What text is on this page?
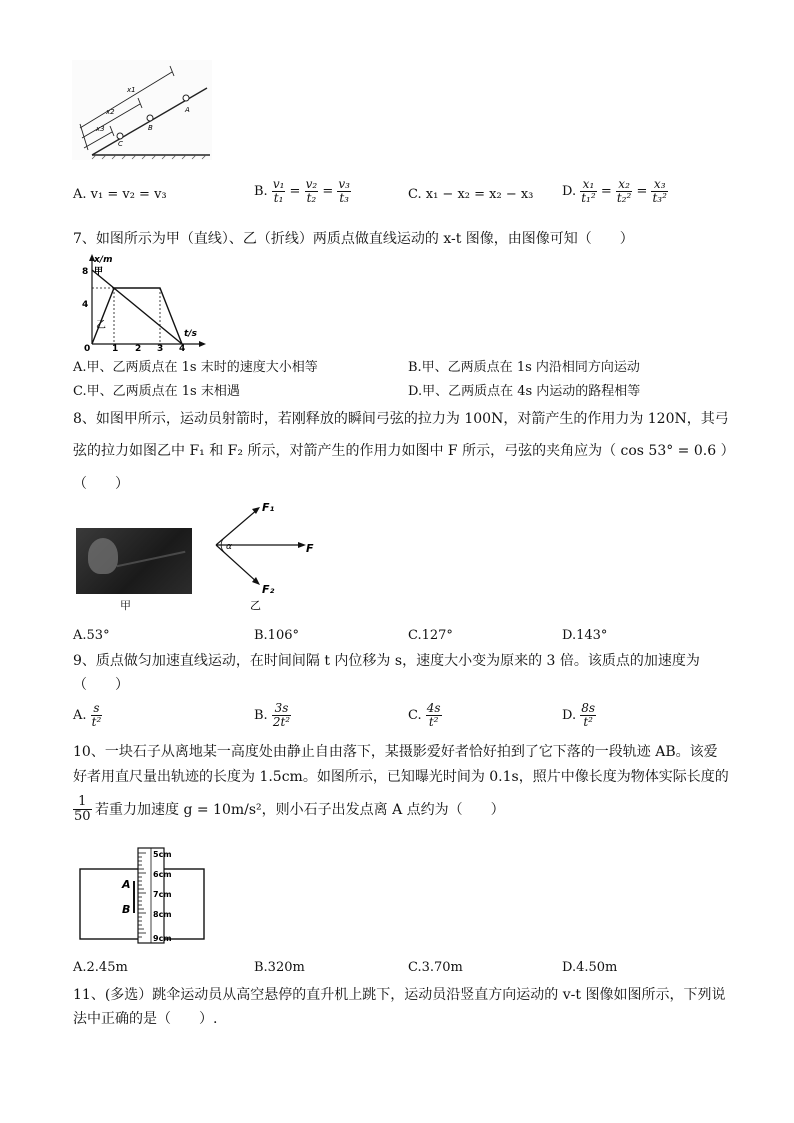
x1
x2
x3
A
B
C
A. v₁ = v₂ = v₃	B. $\frac{\text{v₁}}{\text{t₁}} = \frac{\text{v₂}}{\text{t₂}} = \frac{\text{v₃}}{\text{t₃}}$	C. x₁ − x₂ = x₂ − x₃ D. $\frac{\text{x₁}}{\text{t₁²}} = \frac{\text{x₂}}{\text{t₂²}} = \frac{\text{x₃}}{\text{t₃²}}$
7、如图所示为甲（直线）、乙（折线）两质点做直线运动的 x-t 图像，由图像可知（　　）
x/m
t/s
8
4
0 1 2 3 4
甲
乙
A.甲、乙两质点在 1s 末时的速度大小相等	B.甲、乙两质点在 1s 内沿相同方向运动
C.甲、乙两质点在 1s 末相遇	D.甲、乙两质点在 4s 内运动的路程相等
8、如图甲所示，运动员射箭时，若刚释放的瞬间弓弦的拉力为 100N，对箭产生的作用力为 120N，其弓
弦的拉力如图乙中 F₁ 和 F₂ 所示，对箭产生的作用力如图中 F 所示，弓弦的夹角应为（ cos 53° = 0.6 ）
（　　）
甲
α
F₁
F₂
F
乙
A.53°	B.106°	C.127°	D.143°
9、质点做匀加速直线运动，在时间间隔 t 内位移为 s，速度大小变为原来的 3 倍。该质点的加速度为
（　　）
A. $\frac{s}{\text{t²}}$	B. $\frac{3s}{\text{2t²}}$	C. $\frac{4s}{\text{t²}}$	D. $\frac{8s}{\text{t²}}$
10、一块石子从离地某一高度处由静止自由落下，某摄影爱好者恰好拍到了它下落的一段轨迹 AB。该爱
好者用直尺量出轨迹的长度为 1.5cm。如图所示，已知曝光时间为 0.1s，照片中像长度为物体实际长度的
$\frac{1}{50}$ 若重力加速度 g = 10m/s²，则小石子出发点离 A 点约为（　　）
5cm
6cm
7cm
8cm
9cm
A
B
A.2.45m	B.320m	C.3.70m	D.4.50m
11、(多选）跳伞运动员从高空悬停的直升机上跳下，运动员沿竖直方向运动的 v-t 图像如图所示，下列说
法中正确的是（　　）.
